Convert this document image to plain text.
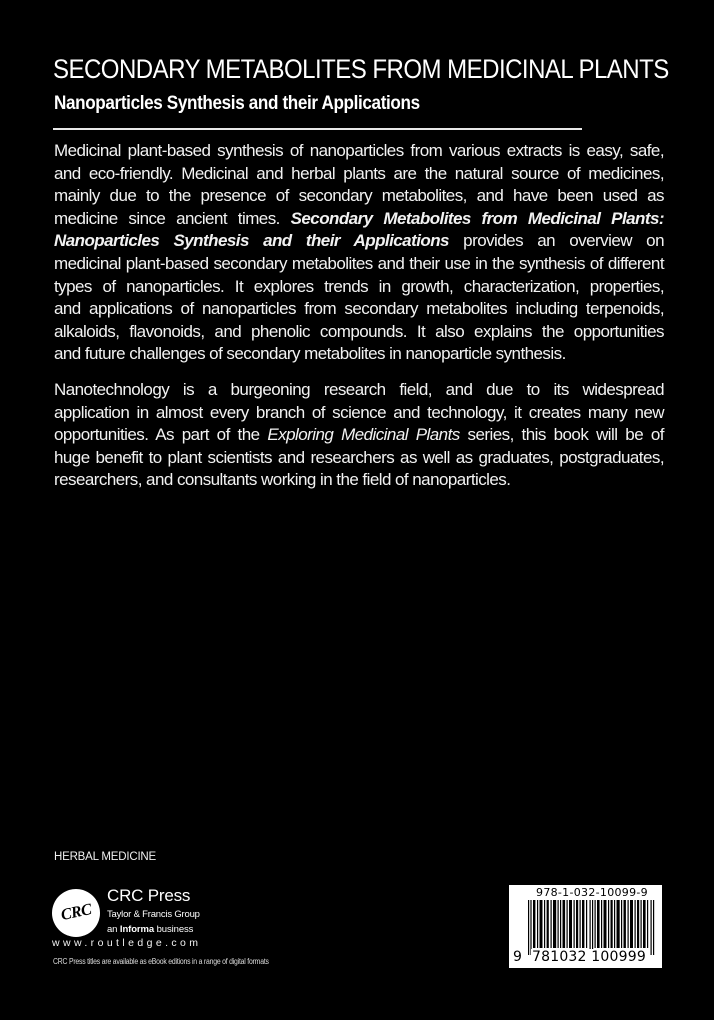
SECONDARY METABOLITES FROM MEDICINAL PLANTS
Nanoparticles Synthesis and their Applications
Medicinal plant-based synthesis of nanoparticles from various extracts is easy, safe,
and eco-friendly. Medicinal and herbal plants are the natural source of medicines,
mainly due to the presence of secondary metabolites, and have been used as
medicine since ancient times. Secondary Metabolites from Medicinal Plants:
Nanoparticles Synthesis and their Applications provides an overview on
medicinal plant-based secondary metabolites and their use in the synthesis of different
types of nanoparticles. It explores trends in growth, characterization, properties,
and applications of nanoparticles from secondary metabolites including terpenoids,
alkaloids, flavonoids, and phenolic compounds. It also explains the opportunities
and future challenges of secondary metabolites in nanoparticle synthesis.
Nanotechnology is a burgeoning research field, and due to its widespread
application in almost every branch of science and technology, it creates many new
opportunities. As part of the Exploring Medicinal Plants series, this book will be of
huge benefit to plant scientists and researchers as well as graduates, postgraduates,
researchers, and consultants working in the field of nanoparticles.
HERBAL MEDICINE
CRC
CRC Press
Taylor & Francis Group
an Informa business
www.routledge.com
CRC Press titles are available as eBook editions in a range of digital formats
978-1-032-10099-9
9 781032 100999
